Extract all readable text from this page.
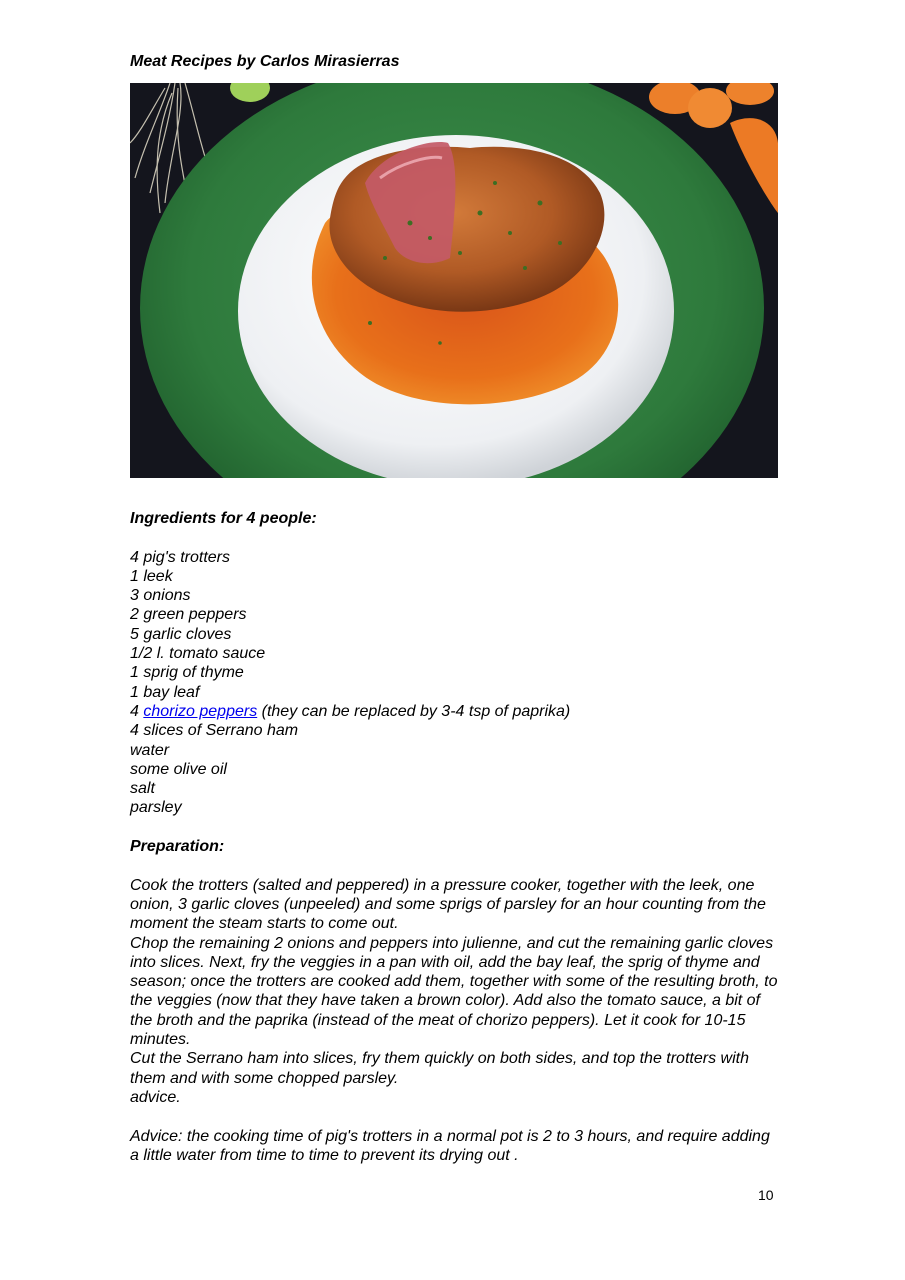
Meat Recipes by Carlos Mirasierras
Ingredients for 4 people:
4 pig's trotters
1 leek
3 onions
2 green peppers
5 garlic cloves
1/2 l. tomato sauce
1 sprig of thyme
1 bay leaf
4 chorizo peppers (they can be replaced by 3-4 tsp of paprika)
4 slices of Serrano ham
water
some olive oil
salt
parsley
Preparation:

Cook the trotters (salted and peppered) in a pressure cooker, together with the leek, one onion, 3 garlic cloves (unpeeled) and some sprigs of parsley for an hour counting from the moment the steam starts to come out.

Chop the remaining 2 onions and peppers into julienne, and cut the remaining garlic cloves into slices. Next, fry the veggies in a pan with oil, add the bay leaf, the sprig of thyme and season; once the trotters are cooked add them, together with some of the resulting broth, to the veggies (now that they have taken a brown color). Add also the tomato sauce, a bit of the broth and the paprika (instead of the meat of chorizo peppers). Let it cook for 10-15 minutes.

Cut the Serrano ham into slices, fry them quickly on both sides, and top the trotters with them and with some chopped parsley.

advice.

Advice: the cooking time of pig's trotters in a normal pot is 2 to 3 hours, and require adding a little water from time to time to prevent its drying out .

10
